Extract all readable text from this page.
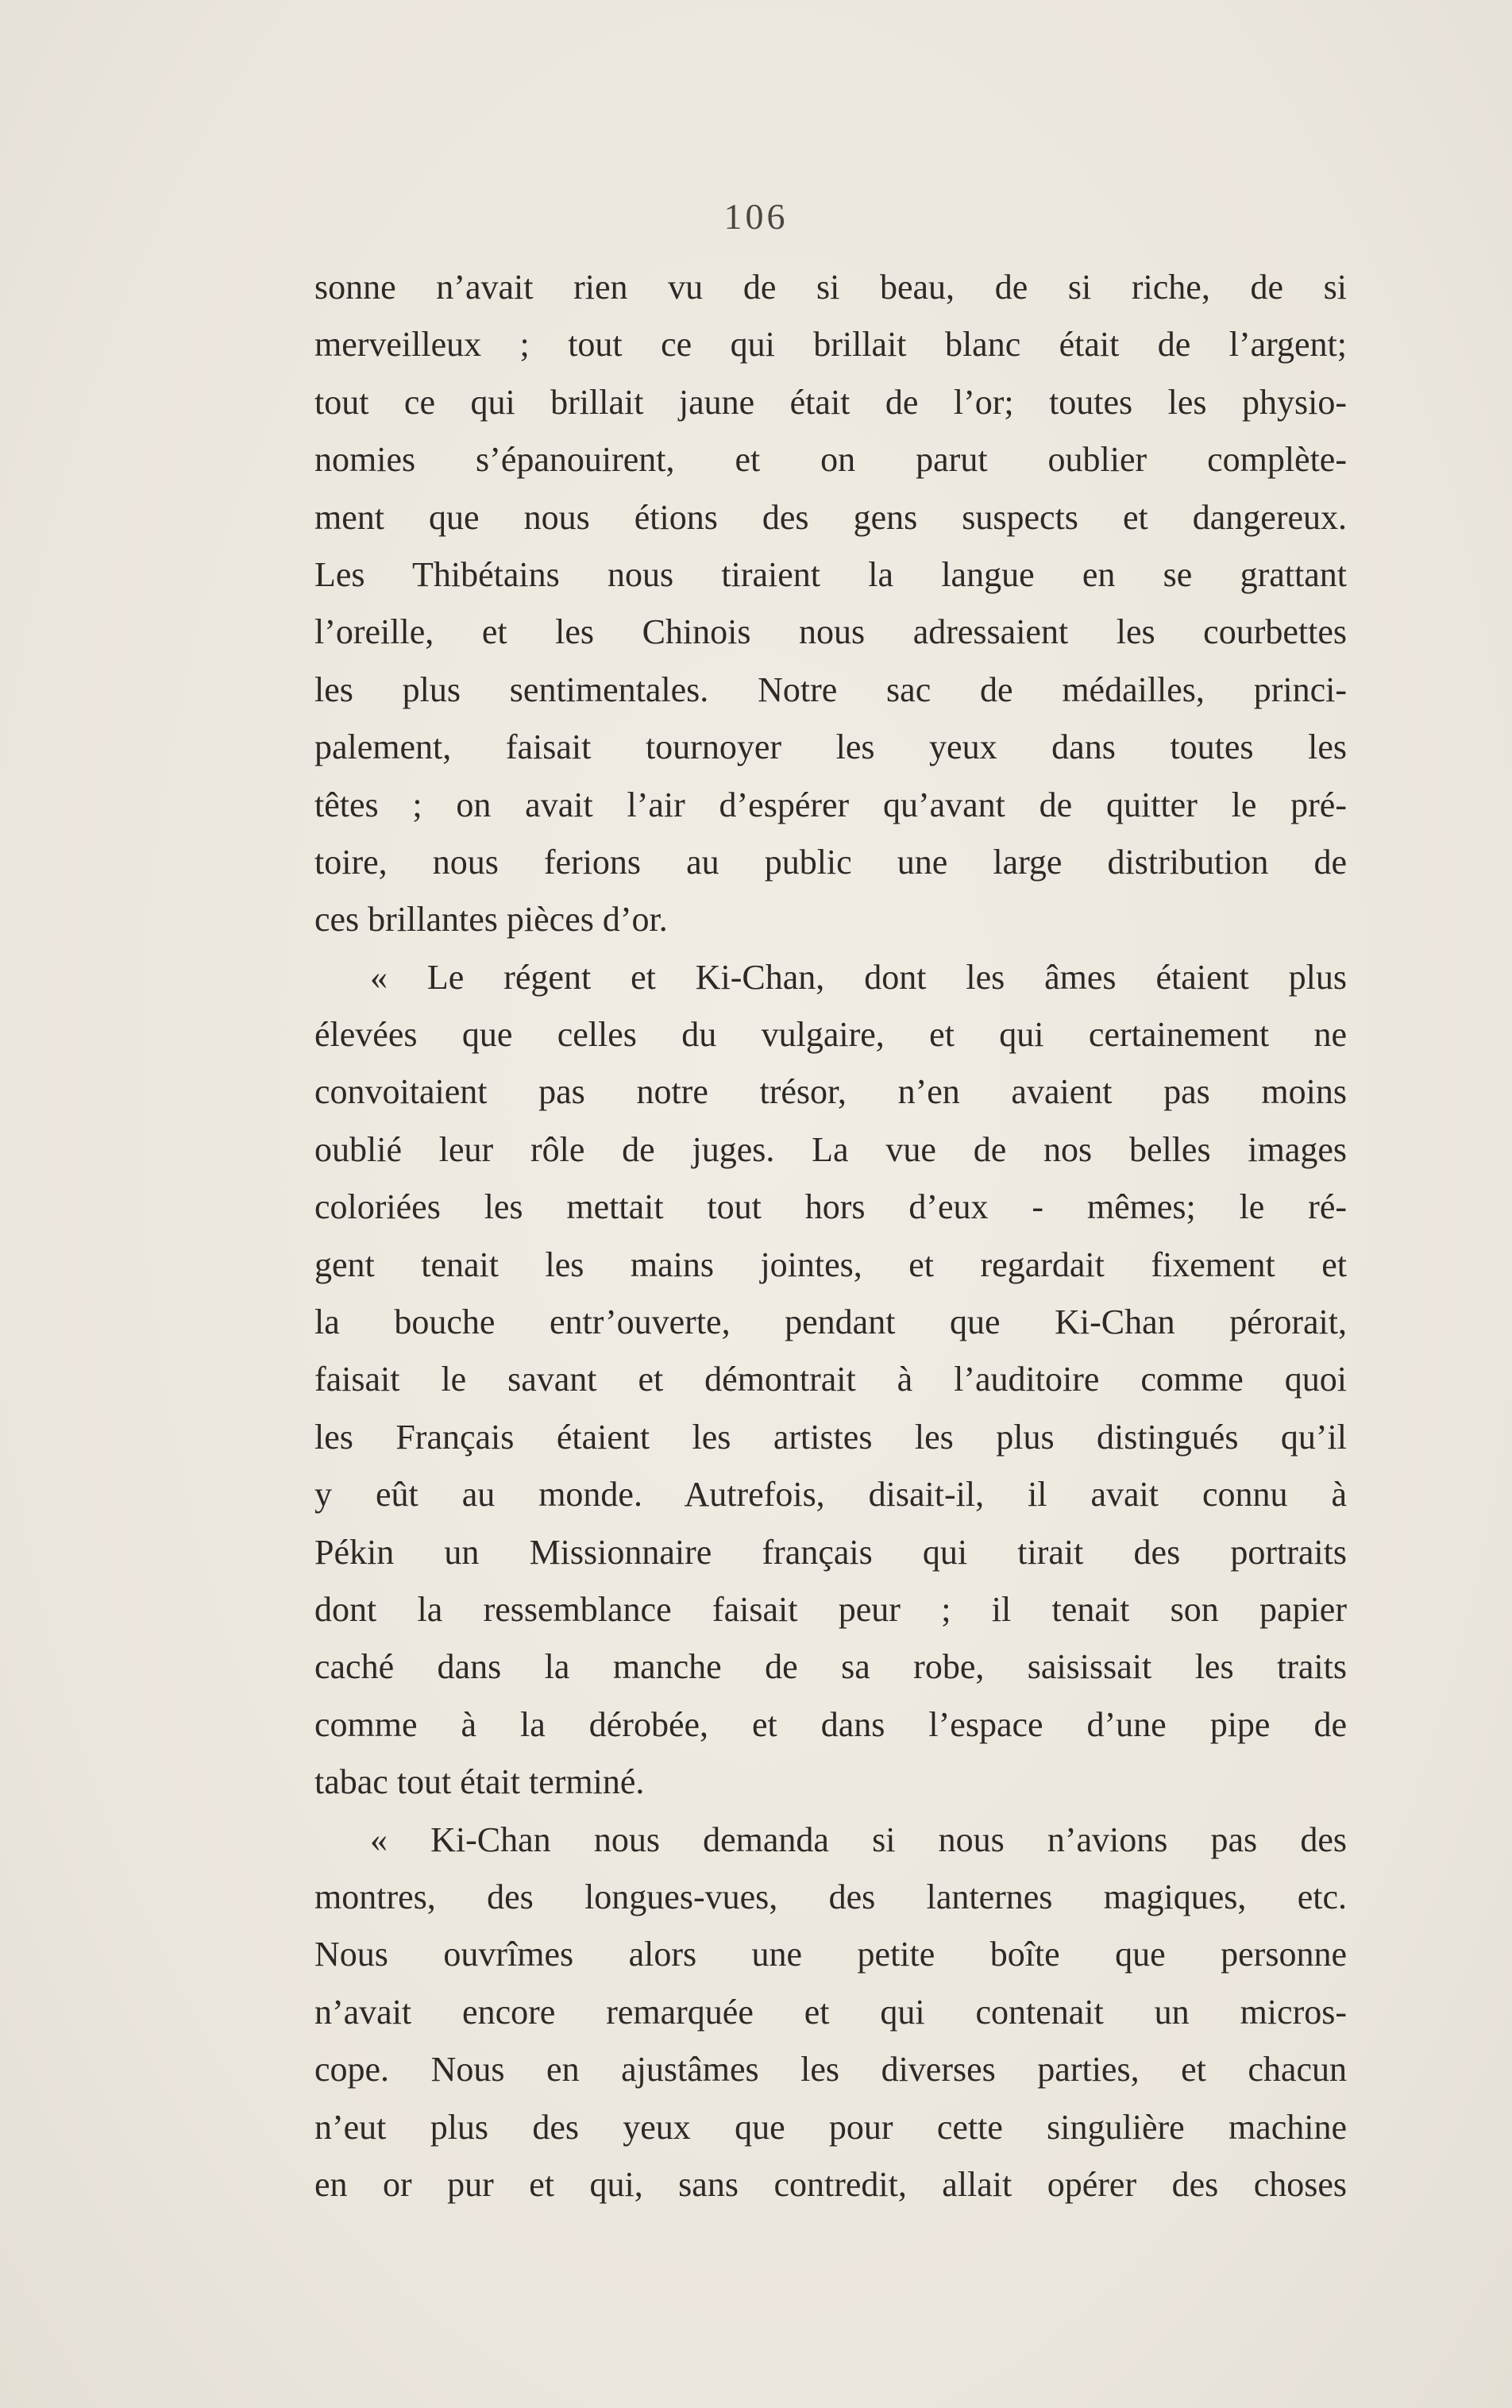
106
sonne n’avait rien vu de si beau, de si riche, de si
merveilleux ; tout ce qui brillait blanc était de l’argent;
tout ce qui brillait jaune était de l’or; toutes les physio-
nomies s’épanouirent, et on parut oublier complète-
ment que nous étions des gens suspects et dangereux.
Les Thibétains nous tiraient la langue en se grattant
l’oreille, et les Chinois nous adressaient les courbettes
les plus sentimentales. Notre sac de médailles, princi-
palement, faisait tournoyer les yeux dans toutes les
têtes ; on avait l’air d’espérer qu’avant de quitter le pré-
toire, nous ferions au public une large distribution de
ces brillantes pièces d’or.
« Le régent et Ki-Chan, dont les âmes étaient plus
élevées que celles du vulgaire, et qui certainement ne
convoitaient pas notre trésor, n’en avaient pas moins
oublié leur rôle de juges. La vue de nos belles images
coloriées les mettait tout hors d’eux - mêmes; le ré-
gent tenait les mains jointes, et regardait fixement et
la bouche entr’ouverte, pendant que Ki-Chan pérorait,
faisait le savant et démontrait à l’auditoire comme quoi
les Français étaient les artistes les plus distingués qu’il
y eût au monde. Autrefois, disait-il, il avait connu à
Pékin un Missionnaire français qui tirait des portraits
dont la ressemblance faisait peur ; il tenait son papier
caché dans la manche de sa robe, saisissait les traits
comme à la dérobée, et dans l’espace d’une pipe de
tabac tout était terminé.
« Ki-Chan nous demanda si nous n’avions pas des
montres, des longues-vues, des lanternes magiques, etc.
Nous ouvrîmes alors une petite boîte que personne
n’avait encore remarquée et qui contenait un micros-
cope. Nous en ajustâmes les diverses parties, et chacun
n’eut plus des yeux que pour cette singulière machine
en or pur et qui, sans contredit, allait opérer des choses
